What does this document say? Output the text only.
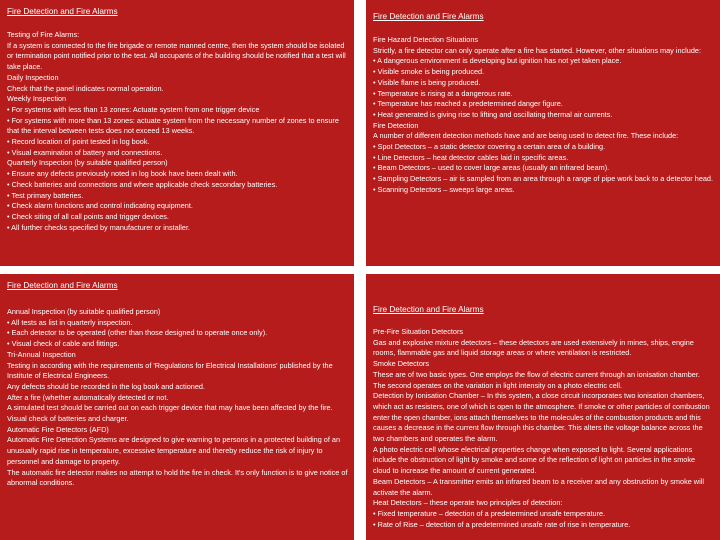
Fire Detection and Fire Alarms
Testing of Fire Alarms:
If a system is connected to the fire brigade or remote manned centre, then the system should be isolated or termination point notified prior to the test. All occupants of the building should be notified that a test will take place.
Daily Inspection
Check that the panel indicates normal operation.
Weekly Inspection
• For systems with less than 13 zones: Actuate system from one trigger device
• For systems with more than 13 zones: actuate system from the necessary number of zones to ensure that the interval between tests does not exceed 13 weeks.
• Record location of point tested in log book.
• Visual examination of battery and connections.
Quarterly Inspection (by suitable qualified person)
• Ensure any defects previously noted in log book have been dealt with.
• Check batteries and connections and where applicable check secondary batteries.
• Test primary batteries.
• Check alarm functions and control indicating equipment.
• Check siting of all call points and trigger devices.
• All further checks specified by manufacturer or installer.
Fire Detection and Fire Alarms
Fire Hazard Detection Situations
Strictly, a fire detector can only operate after a fire has started. However, other situations may include:
• A dangerous environment is developing but ignition has not yet taken place.
• Visible smoke is being produced.
• Visible flame is being produced.
• Temperature is rising at a dangerous rate.
• Temperature has reached a predetermined danger figure.
• Heat generated is giving rise to lifting and oscillating thermal air currents.
Fire Detection
A number of different detection methods have and are being used to detect fire. These include:
• Spot Detectors – a static detector covering a certain area of a building.
• Line Detectors – heat detector cables laid in specific areas.
• Beam Detectors – used to cover large areas (usually an infrared beam).
• Sampling Detectors – air is sampled from an area through a range of pipe work back to a detector head.
• Scanning Detectors – sweeps large areas.
Fire Detection and Fire Alarms
Annual Inspection (by suitable qualified person)
• All tests as list in quarterly inspection.
• Each detector to be operated (other than those designed to operate once only).
• Visual check of cable and fittings.
Tri-Annual Inspection
Testing in according with the requirements of 'Regulations for Electrical Installations' published by the Institute of Electrical Engineers.
Any defects should be recorded in the log book and actioned.
After a fire (whether automatically detected or not.
A simulated test should be carried out on each trigger device that may have been affected by the fire.
Visual check of batteries and charger.
Automatic Fire Detectors (AFD)
Automatic Fire Detection Systems are designed to give warning to persons in a protected building of an unusually rapid rise in temperature, excessive temperature and thereby reduce the risk of injury to personnel and damage to property.
The automatic fire detector makes no attempt to hold the fire in check. It's only function is to give notice of abnormal conditions.
Fire Detection and Fire Alarms
Pre-Fire Situation Detectors
Gas and explosive mixture detectors – these detectors are used extensively in mines, ships, engine rooms, flammable gas and liquid storage areas or where ventilation is restricted.
Smoke Detectors
These are of two basic types. One employs the flow of electric current through an ionisation chamber. The second operates on the variation in light intensity on a photo electric cell.
Detection by Ionisation Chamber – In this system, a close circuit incorporates two ionisation chambers, which act as resisters, one of which is open to the atmosphere. If smoke or other particles of combustion enter the open chamber, ions attach themselves to the molecules of the combustion products and this causes a decrease in the current flow through this chamber. This alters the voltage balance across the two chambers and operates the alarm.
A photo electric cell whose electrical properties change when exposed to light. Several applications include the obstruction of light by smoke and some of the reflection of light on particles in the smoke cloud to increase the amount of current generated.
Beam Detectors – A transmitter emits an infrared beam to a receiver and any obstruction by smoke will activate the alarm.
Heat Detectors – these operate two principles of detection:
• Fixed temperature – detection of a predetermined unsafe temperature.
• Rate of Rise – detection of a predetermined unsafe rate of rise in temperature.
